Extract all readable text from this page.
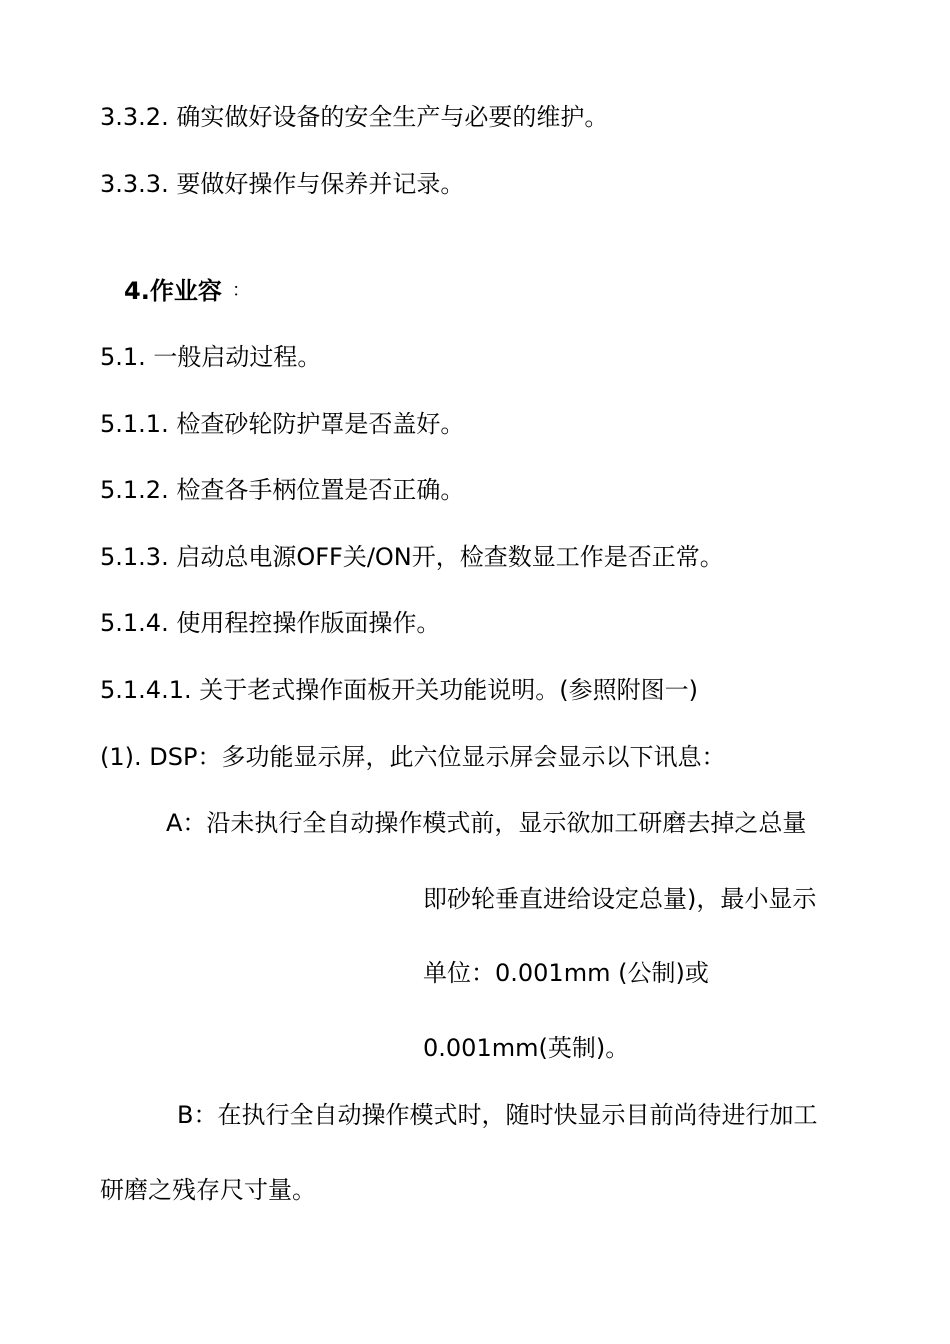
3.3.2. 确实做好设备的安全生产与必要的维护。
3.3.3. 要做好操作与保养并记录。
4.作业容 ：
5.1. 一般启动过程。
5.1.1. 检查砂轮防护罩是否盖好。
5.1.2. 检查各手柄位置是否正确。
5.1.3. 启动总电源OFF关/ON开，检查数显工作是否正常。
5.1.4. 使用程控操作版面操作。
5.1.4.1. 关于老式操作面板开关功能说明。(参照附图一)
(1). DSP：多功能显示屏，此六位显示屏会显示以下讯息：
A：沿未执行全自动操作模式前，显示欲加工研磨去掉之总量
即砂轮垂直进给设定总量)，最小显示
单位：0.001mm (公制)或
0.001mm(英制)。
B：在执行全自动操作模式时，随时快显示目前尚待进行加工
研磨之残存尺寸量。
